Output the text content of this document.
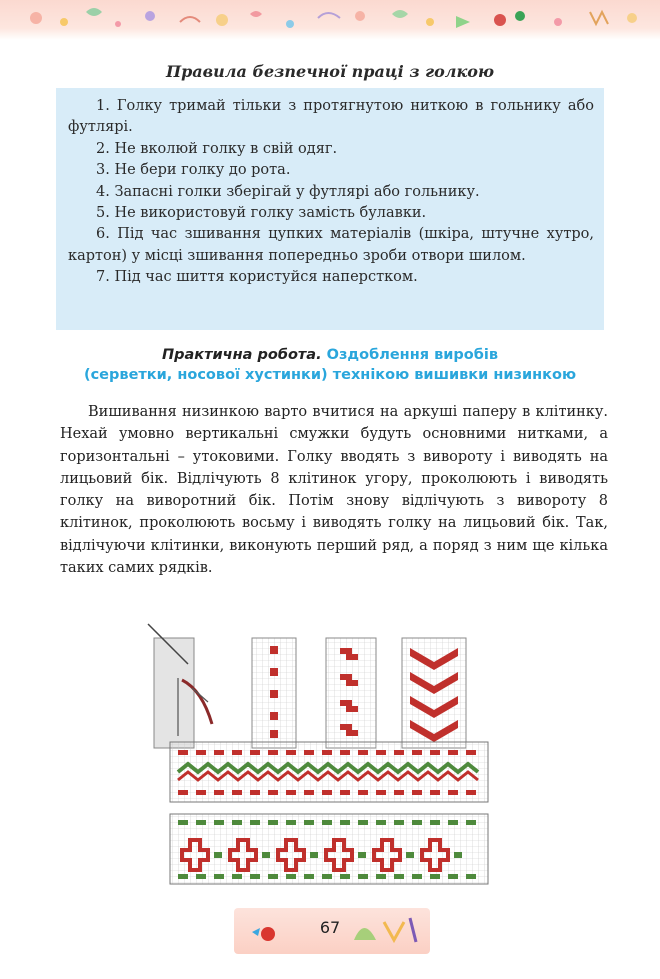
Правила безпечної праці з голкою

1. Голку тримай тільки з протягнутою ниткою в гольнику або футлярі.

2. Не вколюй голку в свій одяг.

3. Не бери голку до рота.

4. Запасні голки зберігай у футлярі або гольнику.

5. Не використовуй голку замість булавки.

6. Під час зшивання цупких матеріалів (шкіра, штучне хутро, картон) у місці зшивання попередньо зроби отвори шилом.

7. Під час шиття користуйся наперстком.

Практична робота. Оздоблення виробів
(серветки, носової хустинки) технікою вишивки низинкою

Вишивання низинкою варто вчитися на аркуші паперу в клітинку. Нехай умовно вертикальні смужки будуть основними нитками, а горизонтальні – утоковими. Голку вводять з вивороту і виводять на лицьовий бік. Відлічують 8 клітинок угору, проколюють і виводять голку на виворотний бік. Потім знову відлічують з вивороту 8 клітинок, проколюють восьму і виводять голку на лицьовий бік. Так, відлічуючи клітинки, виконують перший ряд, а поряд з ним ще кілька таких самих рядків.

67
